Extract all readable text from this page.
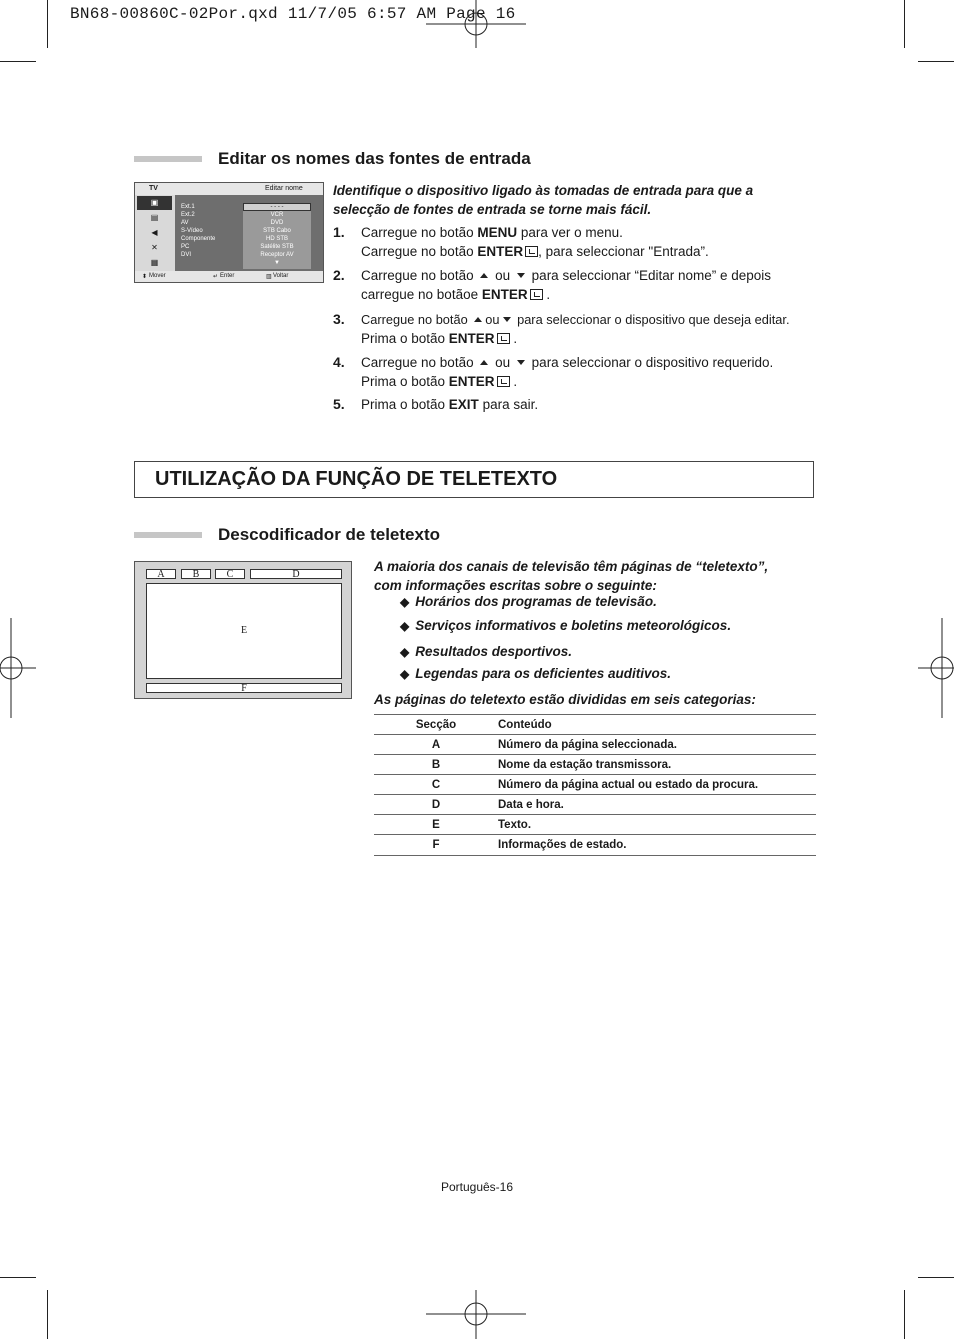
BN68-00860C-02Por.qxd 11/7/05 6:57 AM Page 16
Editar os nomes das fontes de entrada
TV	Editar nome
▣
▤
◀
✕
▦
Ext.1
Ext.2
AV
S-Vídeo
Componente
PC
DVI
- - - -
VCR
DVD
STB Cabo
HD STB
Satélite STB
Receptor AV
▼
⬍ Mover	↵ Enter	▥ Voltar
Identifique o dispositivo ligado às tomadas de entrada para que a
selecção de fontes de entrada se torne mais fácil.
1. Carregue no botão MENU para ver o menu.
Carregue no botão ENTER , para seleccionar "Entrada”.
2. Carregue no botão  ou para seleccionar “Editar nome” e depois
carregue no botãoe ENTER .
3. Carregue no botão ou para seleccionar o dispositivo que deseja editar.
Prima o botão ENTER .
4. Carregue no botão  ou para seleccionar o dispositivo requerido.
Prima o botão ENTER .
5. Prima o botão EXIT para sair.
UTILIZAÇÃO DA FUNÇÃO DE TELETEXTO
Descodificador de teletexto
A	B	C	D
E
F
A maioria dos canais de televisão têm páginas de “teletexto”,
com informações escritas sobre o seguinte:
◆ Horários dos programas de televisão.
◆ Serviços informativos e boletins meteorológicos.
◆ Resultados desportivos.
◆ Legendas para os deficientes auditivos.
As páginas do teletexto estão divididas em seis categorias:
Secção	Conteúdo
A	Número da página seleccionada.
B	Nome da estação transmissora.
C	Número da página actual ou estado da procura.
D	Data e hora.
E	Texto.
F	Informações de estado.
Português-16
